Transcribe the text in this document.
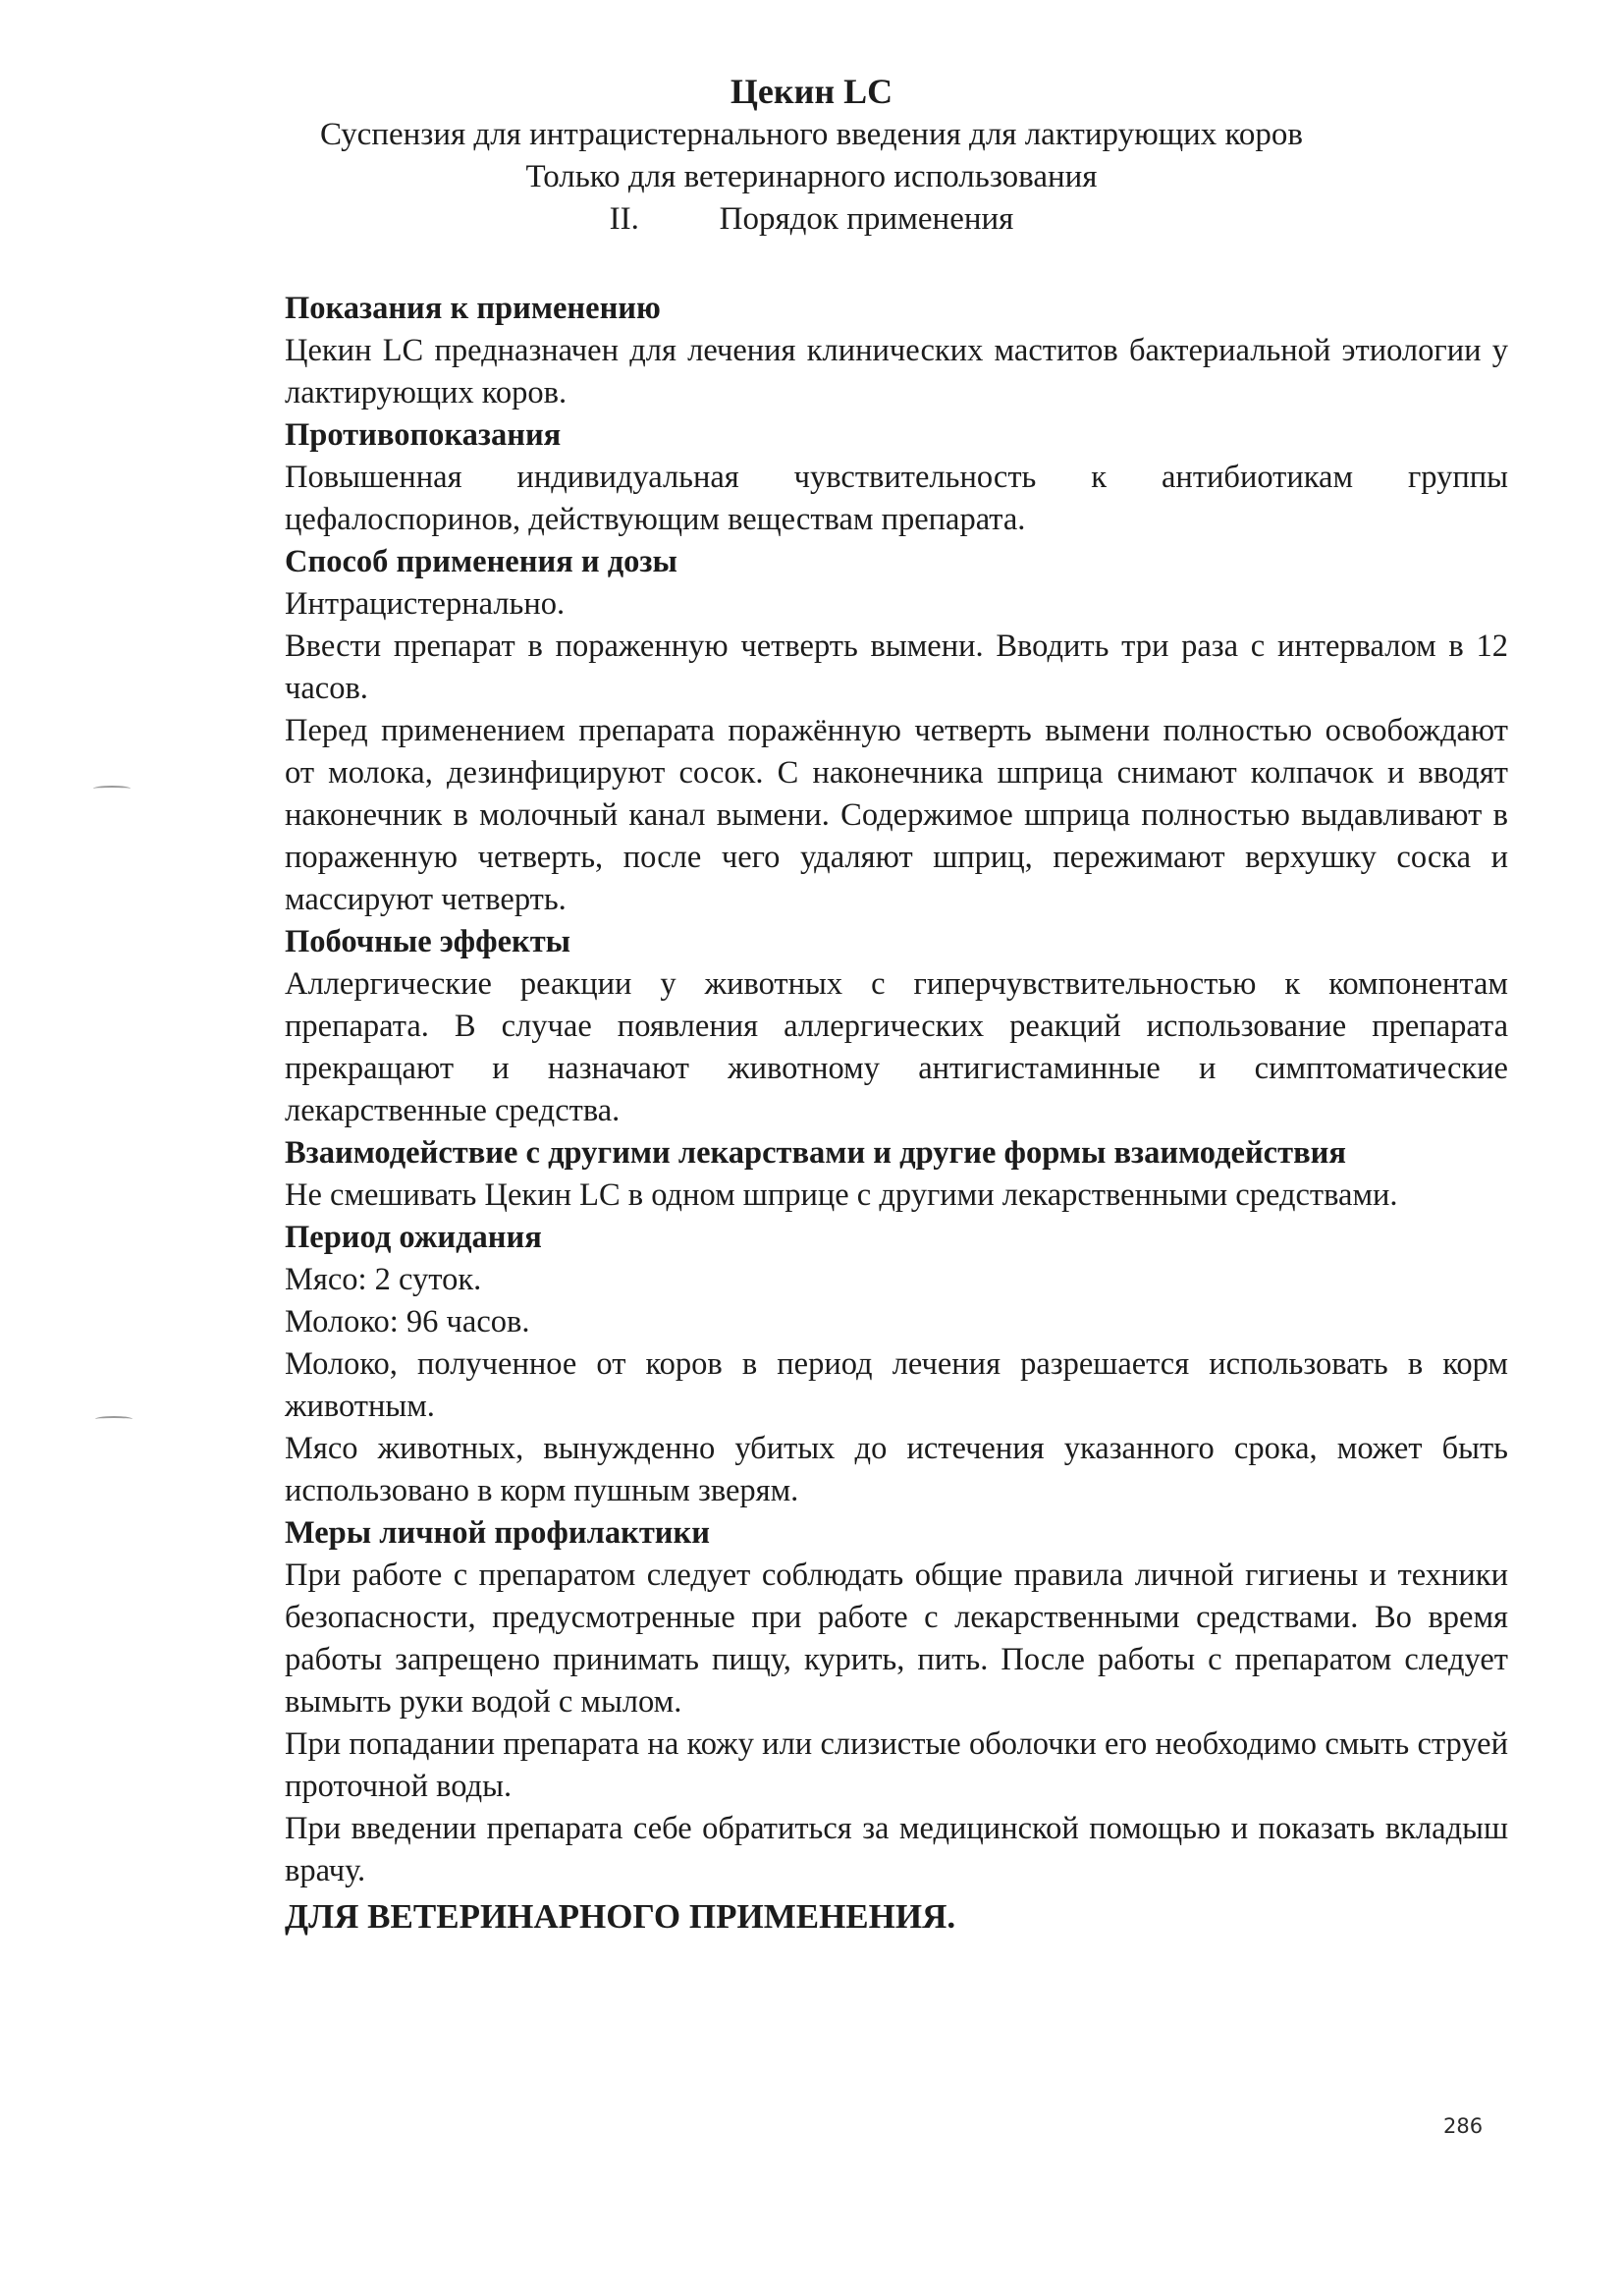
Цекин LC
Суспензия для интрацистернального введения для лактирующих коров
Только для ветеринарного использования
II. Порядок применения
Показания к применению

Цекин LC предназначен для лечения клинических маститов бактериальной этиологии у лактирующих коров.

Противопоказания

Повышенная индивидуальная чувствительность к антибиотикам группы цефалоспоринов, действующим веществам препарата.

Способ применения и дозы

Интрацистернально.

Ввести препарат в пораженную четверть вымени. Вводить три раза с интервалом в 12 часов.

Перед применением препарата поражённую четверть вымени полностью освобождают от молока, дезинфицируют сосок. С наконечника шприца снимают колпачок и вводят наконечник в молочный канал вымени. Содержимое шприца полностью выдавливают в пораженную четверть, после чего удаляют шприц, пережимают верхушку соска и массируют четверть.

Побочные эффекты

Аллергические реакции у животных с гиперчувствительностью к компонентам препарата. В случае появления аллергических реакций использование препарата прекращают и назначают животному антигистаминные и симптоматические лекарственные средства.

Взаимодействие с другими лекарствами и другие формы взаимодействия

Не смешивать Цекин LC в одном шприце с другими лекарственными средствами.

Период ожидания

Мясо: 2 суток.

Молоко: 96 часов.

Молоко, полученное от коров в период лечения разрешается использовать в корм животным.

Мясо животных, вынужденно убитых до истечения указанного срока, может быть использовано в корм пушным зверям.

Меры личной профилактики

При работе с препаратом следует соблюдать общие правила личной гигиены и техники безопасности, предусмотренные при работе с лекарственными средствами. Во время работы запрещено принимать пищу, курить, пить. После работы с препаратом следует вымыть руки водой с мылом.

При попадании препарата на кожу или слизистые оболочки его необходимо смыть струей проточной воды.

При введении препарата себе обратиться за медицинской помощью и показать вкладыш врачу.

ДЛЯ ВЕТЕРИНАРНОГО ПРИМЕНЕНИЯ.
286
